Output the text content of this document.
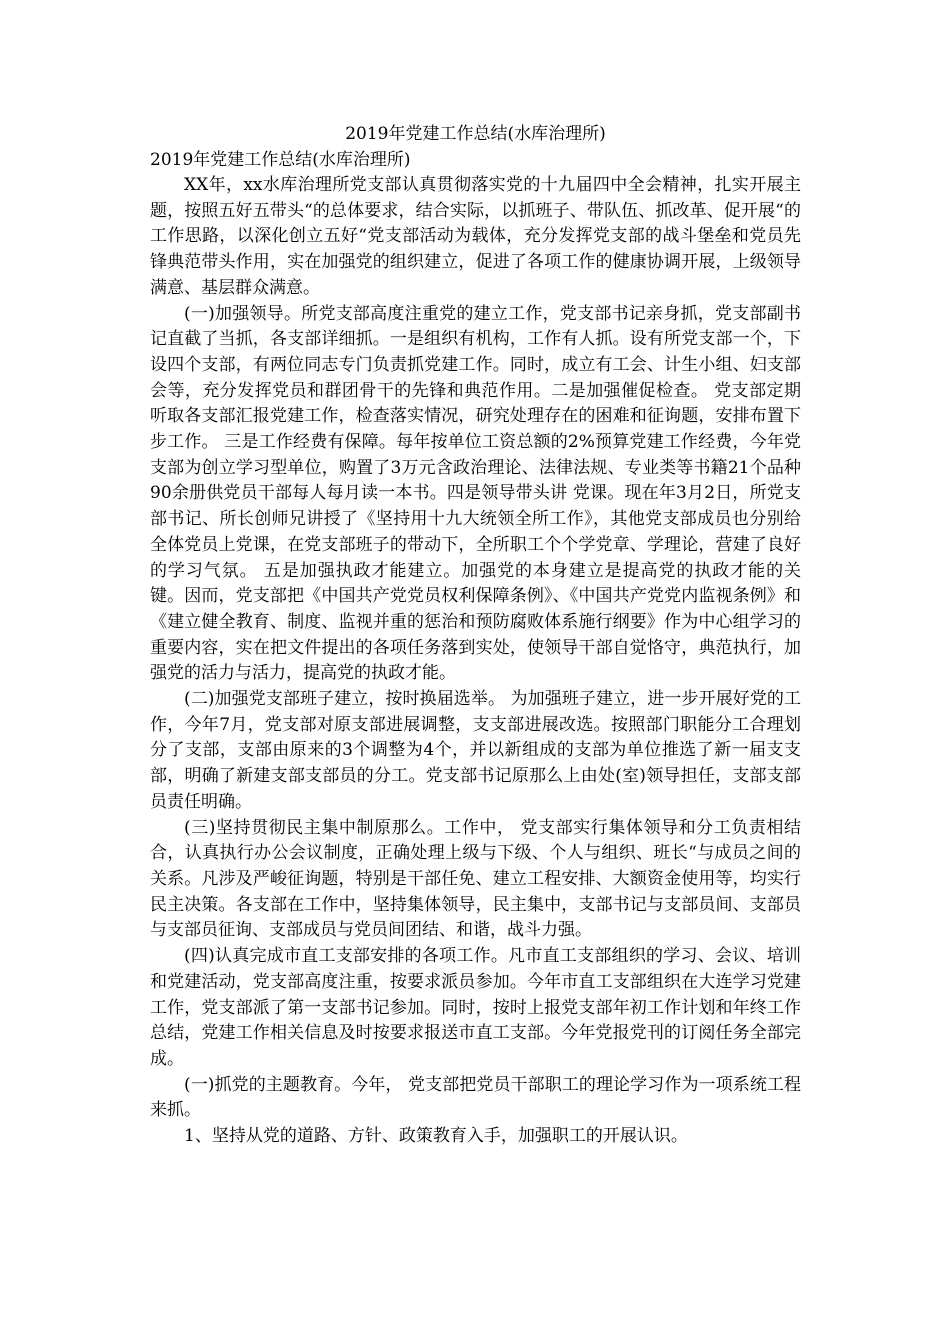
2019年党建工作总结(水库治理所)
2019年党建工作总结(水库治理所)

XX年，xx水库治理所党支部认真贯彻落实党的十九届四中全会精神，扎实开展主题，按照五好五带头“的总体要求，结合实际，以抓班子、带队伍、抓改革、促开展“的工作思路，以深化创立五好“党支部活动为载体，充分发挥党支部的战斗堡垒和党员先锋典范带头作用，实在加强党的组织建立，促进了各项工作的健康协调开展，上级领导满意、基层群众满意。

(一)加强领导。所党支部高度注重党的建立工作，党支部书记亲身抓，党支部副书记直截了当抓，各支部详细抓。一是组织有机构，工作有人抓。设有所党支部一个，下设四个支部，有两位同志专门负责抓党建工作。同时，成立有工会、计生小组、妇支部会等，充分发挥党员和群团骨干的先锋和典范作用。二是加强催促检查。 党支部定期听取各支部汇报党建工作，检查落实情况，研究处理存在的困难和征询题，安排布置下步工作。 三是工作经费有保障。每年按单位工资总额的2%预算党建工作经费，今年党支部为创立学习型单位，购置了3万元含政治理论、法律法规、专业类等书籍21个品种90余册供党员干部每人每月读一本书。四是领导带头讲 党课。现在年3月2日，所党支部书记、所长创师兄讲授了《坚持用十九大统领全所工作》，其他党支部成员也分别给全体党员上党课，在党支部班子的带动下，全所职工个个学党章、学理论，营建了良好的学习气氛。 五是加强执政才能建立。加强党的本身建立是提高党的执政才能的关键。因而，党支部把《中国共产党党员权利保障条例》、《中国共产党党内监视条例》和《建立健全教育、制度、监视并重的惩治和预防腐败体系施行纲要》作为中心组学习的重要内容，实在把文件提出的各项任务落到实处，使领导干部自觉恪守，典范执行，加强党的活力与活力，提高党的执政才能。

(二)加强党支部班子建立，按时换届选举。 为加强班子建立，进一步开展好党的工作，今年7月，党支部对原支部进展调整，支支部进展改选。按照部门职能分工合理划分了支部，支部由原来的3个调整为4个，并以新组成的支部为单位推选了新一届支支部，明确了新建支部支部员的分工。党支部书记原那么上由处(室)领导担任，支部支部员责任明确。

(三)坚持贯彻民主集中制原那么。工作中， 党支部实行集体领导和分工负责相结合，认真执行办公会议制度，正确处理上级与下级、个人与组织、班长“与成员之间的关系。凡涉及严峻征询题，特别是干部任免、建立工程安排、大额资金使用等，均实行民主决策。各支部在工作中，坚持集体领导，民主集中，支部书记与支部员间、支部员与支部员征询、支部成员与党员间团结、和谐，战斗力强。

(四)认真完成市直工支部安排的各项工作。凡市直工支部组织的学习、会议、培训和党建活动，党支部高度注重，按要求派员参加。今年市直工支部组织在大连学习党建工作，党支部派了第一支部书记参加。同时，按时上报党支部年初工作计划和年终工作总结，党建工作相关信息及时按要求报送市直工支部。今年党报党刊的订阅任务全部完成。

(一)抓党的主题教育。今年， 党支部把党员干部职工的理论学习作为一项系统工程来抓。

1、坚持从党的道路、方针、政策教育入手，加强职工的开展认识。
